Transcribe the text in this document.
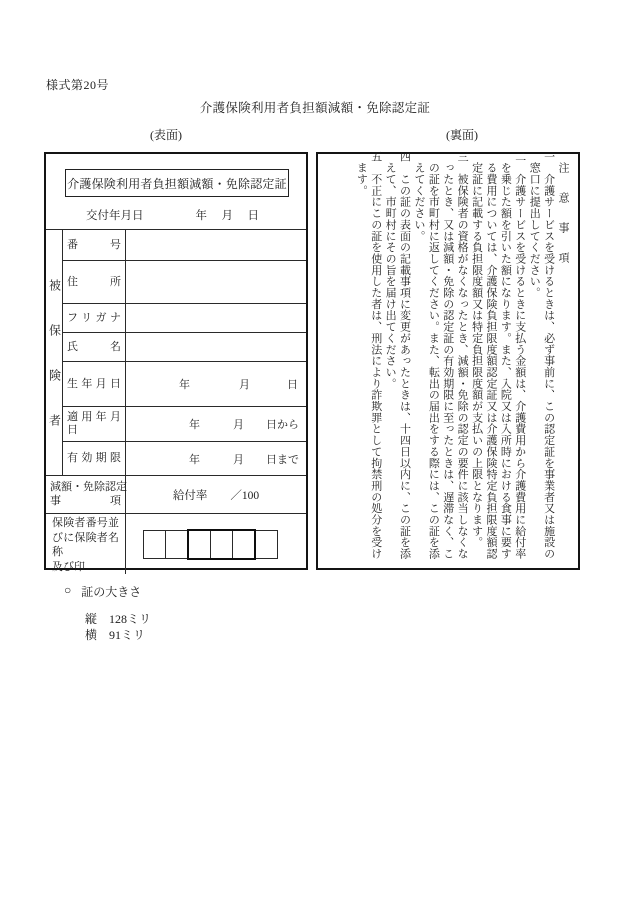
様式第20号
介護保険利用者負担額減額・免除認定証
(表面)	(裏面)
介護保険利用者負担額減額・免除認定証
交付年月日	年　月　日
被保険者
番号
住所
フリガナ
氏名
生年月日	年　　　　月　　　日
適用年月日	年　　　月　　日から
有効期限	年　　　月　　日まで
減額・免除認定
事項	給付率　　／100
保険者番号並
びに保険者名称
及び印

注意事項

一介護サービスを受けるときは、必ず事前に、この認定証を事業者又は施設の窓口に提出してください。

二介護サービスを受けるときに支払う金額は、介護費用から介護費用に給付率を乗じた額を引いた額になります。また、入院又は入所時における食事に要する費用については、介護保険負担限度額認定証又は介護保険特定負担限度額認定証に記載する負担限度額又は特定負担限度額が支払いの上限となります。

三被保険者の資格がなくなったとき、減額・免除の認定の要件に該当しなくなったとき、又は減額・免除の認定証の有効期限に至ったときは、遅滞なく、この証を市町村に返してください。また、転出の届出をする際には、この証を添えてください。

四この証の表面の記載事項に変更があったときは、十四日以内に、この証を添えて、市町村にその旨を届け出てください。

五不正にこの証を使用した者は、刑法により詐欺罪として拘禁刑の処分を受けます。

○ 証の大きさ
縦　128ミリ
横　91ミリ
